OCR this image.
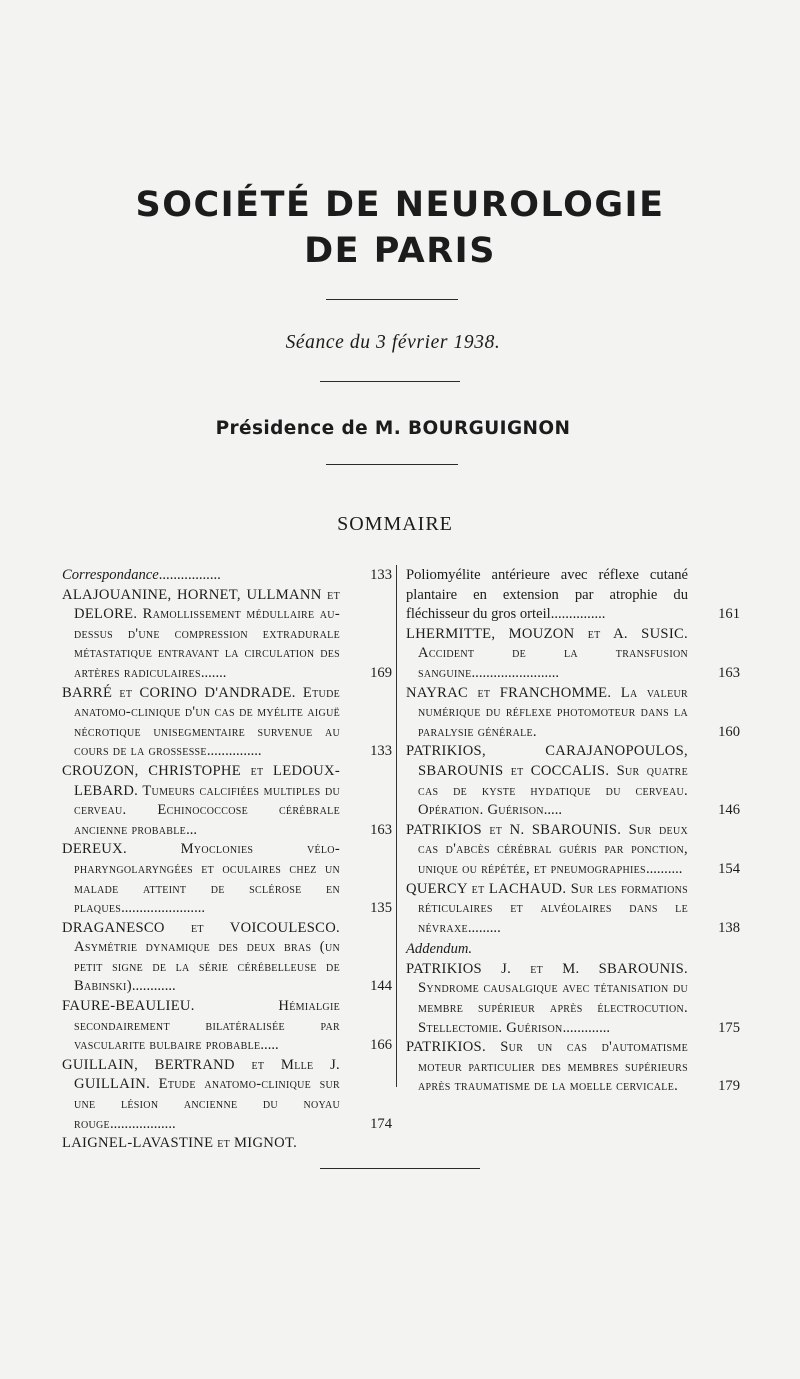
SOCIÉTÉ DE NEUROLOGIE
DE PARIS
Séance du 3 février 1938.
Présidence de M. BOURGUIGNON
SOMMAIRE
Correspondance.................	133
ALAJOUANINE, HORNET, ULLMANN et DELORE. Ramollissement médullaire au-dessus d'une compression extradurale métastatique entravant la circulation des artères radiculaires.......	169
BARRÉ et CORINO D'ANDRADE. Etude anatomo-clinique d'un cas de myélite aiguë nécrotique unisegmentaire survenue au cours de la grossesse...............	133
CROUZON, CHRISTOPHE et LEDOUX-LEBARD. Tumeurs calcifiées multiples du cerveau. Echinococcose cérébrale ancienne probable...	163
DEREUX. Myoclonies vélo-pharyngolaryngées et oculaires chez un malade atteint de sclérose en plaques.......................	135
DRAGANESCO et VOICOULESCO. Asymétrie dynamique des deux bras (un petit signe de la série cérébelleuse de Babinski)............	144
FAURE-BEAULIEU. Hémialgie secondairement bilatéralisée par vascularite bulbaire probable.....	166
GUILLAIN, BERTRAND et Mlle J. GUILLAIN. Etude anatomo-clinique sur une lésion ancienne du noyau rouge..................	174
LAIGNEL-LAVASTINE et MIGNOT.
Poliomyélite antérieure avec réflexe cutané plantaire en extension par atrophie du fléchisseur du gros orteil...............	161
LHERMITTE, MOUZON et A. SUSIC. Accident de la transfusion sanguine........................	163
NAYRAC et FRANCHOMME. La valeur numérique du réflexe photomoteur dans la paralysie générale.	160
PATRIKIOS, CARAJANOPOULOS, SBAROUNIS et COCCALIS. Sur quatre cas de kyste hydatique du cerveau. Opération. Guérison.....	146
PATRIKIOS et N. SBAROUNIS. Sur deux cas d'abcès cérébral guéris par ponction, unique ou répétée, et pneumographies..........	154
QUERCY et LACHAUD. Sur les formations réticulaires et alvéolaires dans le névraxe.........	138
Addendum.
PATRIKIOS J. et M. SBAROUNIS. Syndrome causalgique avec tétanisation du membre supérieur après électrocution. Stellectomie. Guérison.............	175
PATRIKIOS. Sur un cas d'automatisme moteur particulier des membres supérieurs après traumatisme de la moelle cervicale.	179
